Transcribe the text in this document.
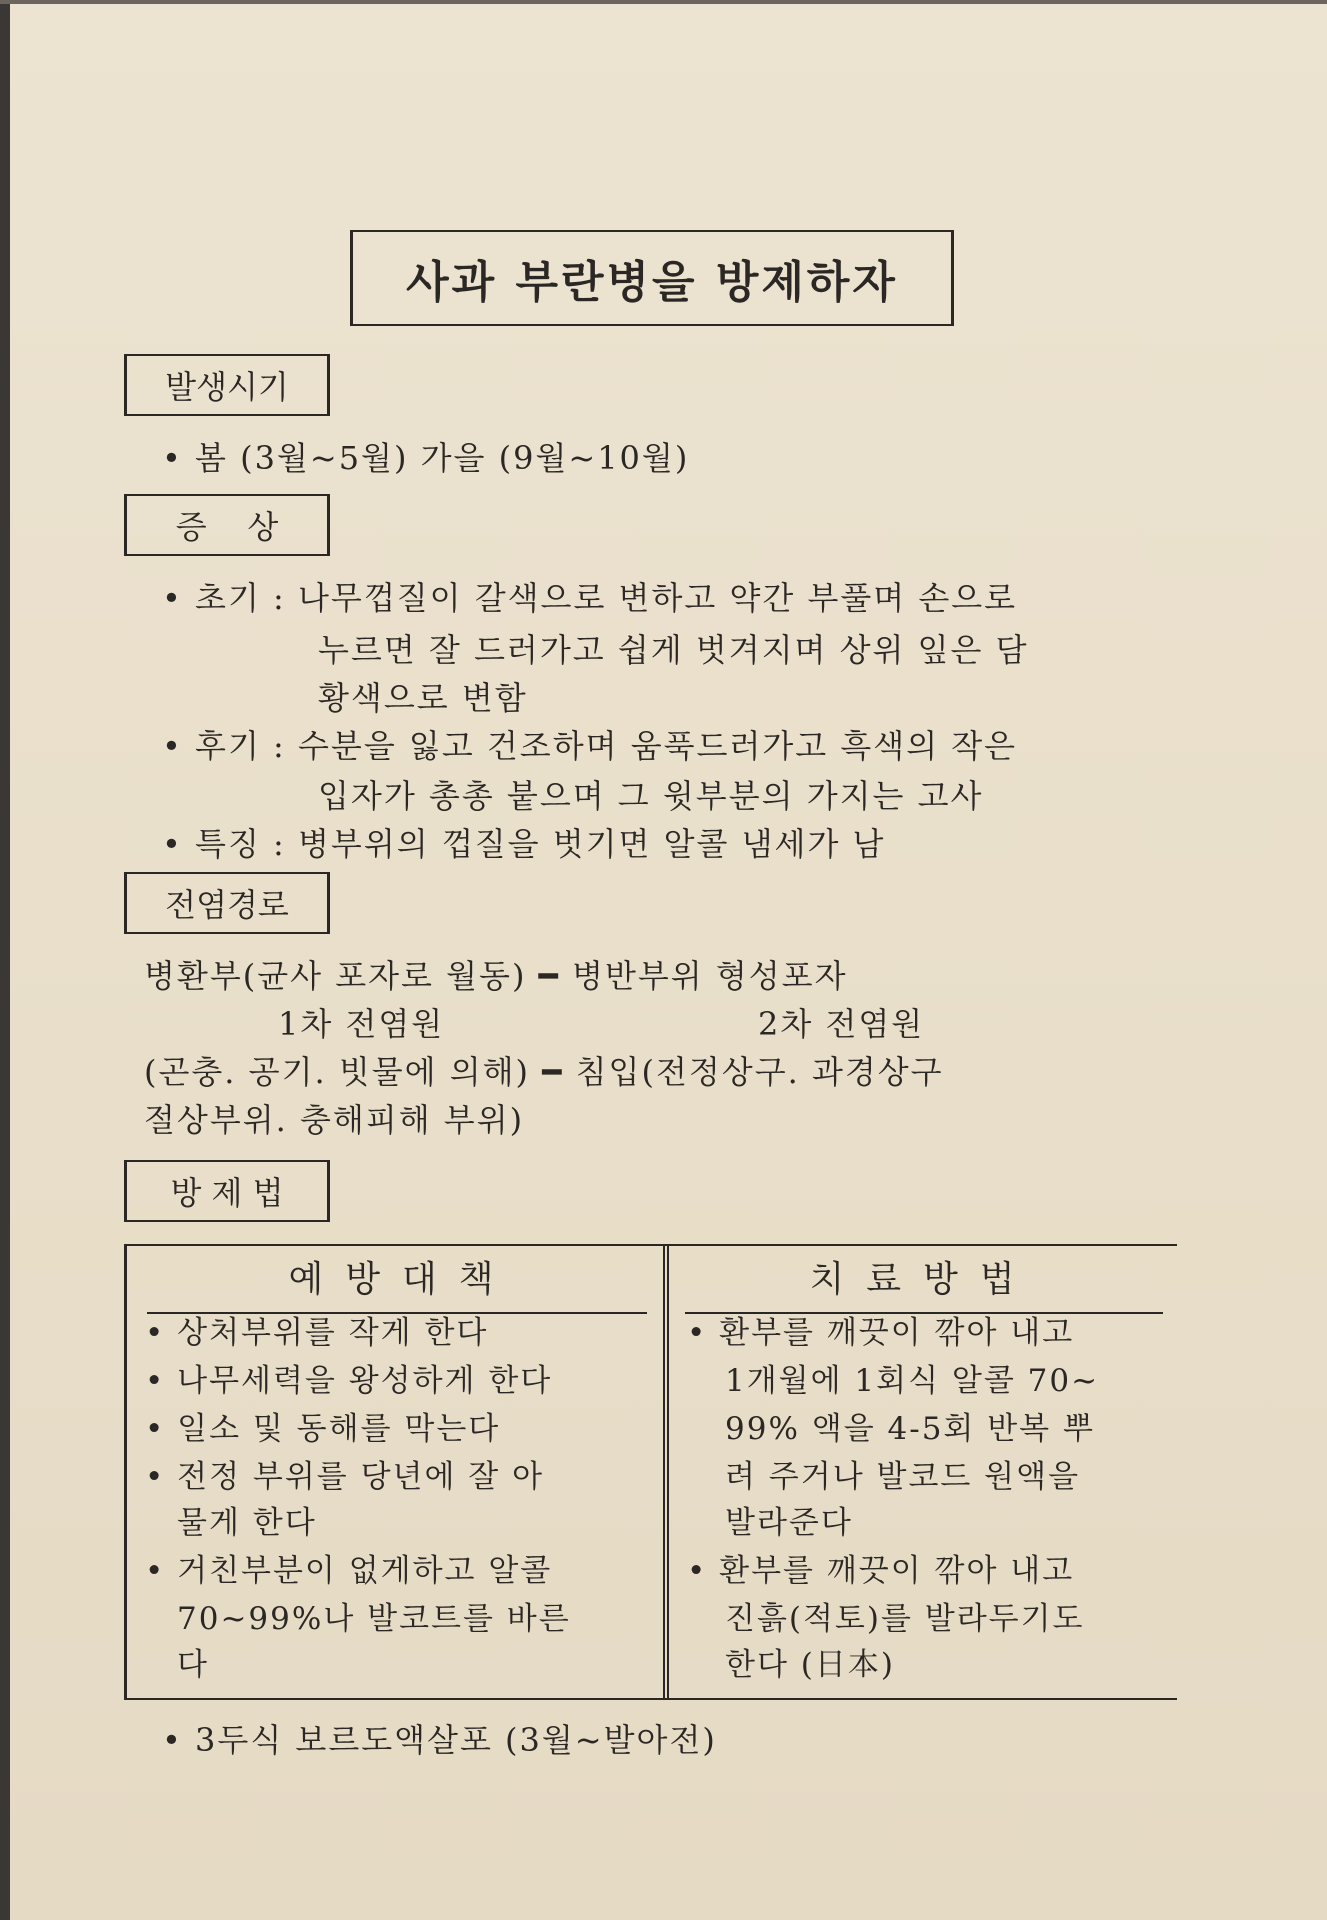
사과 부란병을 방제하자
발생시기
• 봄 (3월~5월) 가을 (9월~10월)
증    상
• 초기 : 나무껍질이 갈색으로 변하고 약간 부풀며 손으로
누르면 잘 드러가고 쉽게 벗겨지며 상위 잎은 담
황색으로 변함
• 후기 : 수분을 잃고 건조하며 움푹드러가고 흑색의 작은
입자가 총총 붙으며 그 윗부분의 가지는 고사
• 특징 : 병부위의 껍질을 벗기면 알콜 냄세가 남
전염경로
병환부(균사 포자로 월동) ━ 병반부위 형성포자
1차 전염원	2차 전염원
(곤충. 공기. 빗물에 의해) ━ 침입(전정상구. 과경상구
절상부위. 충해피해 부위)
방 제 법
예방대책	치료방법
• 상처부위를 작게 한다
• 나무세력을 왕성하게 한다
• 일소 및 동해를 막는다
• 전정 부위를 당년에 잘 아
물게 한다
• 거친부분이 없게하고 알콜
70~99%나 발코트를 바른
다
• 환부를 깨끗이 깎아 내고
1개월에 1회식 알콜 70~
99% 액을 4-5회 반복 뿌
려 주거나 발코드 원액을
발라준다
• 환부를 깨끗이 깎아 내고
진흙(적토)를 발라두기도
한다 (日本)
• 3두식 보르도액살포 (3월~발아전)
